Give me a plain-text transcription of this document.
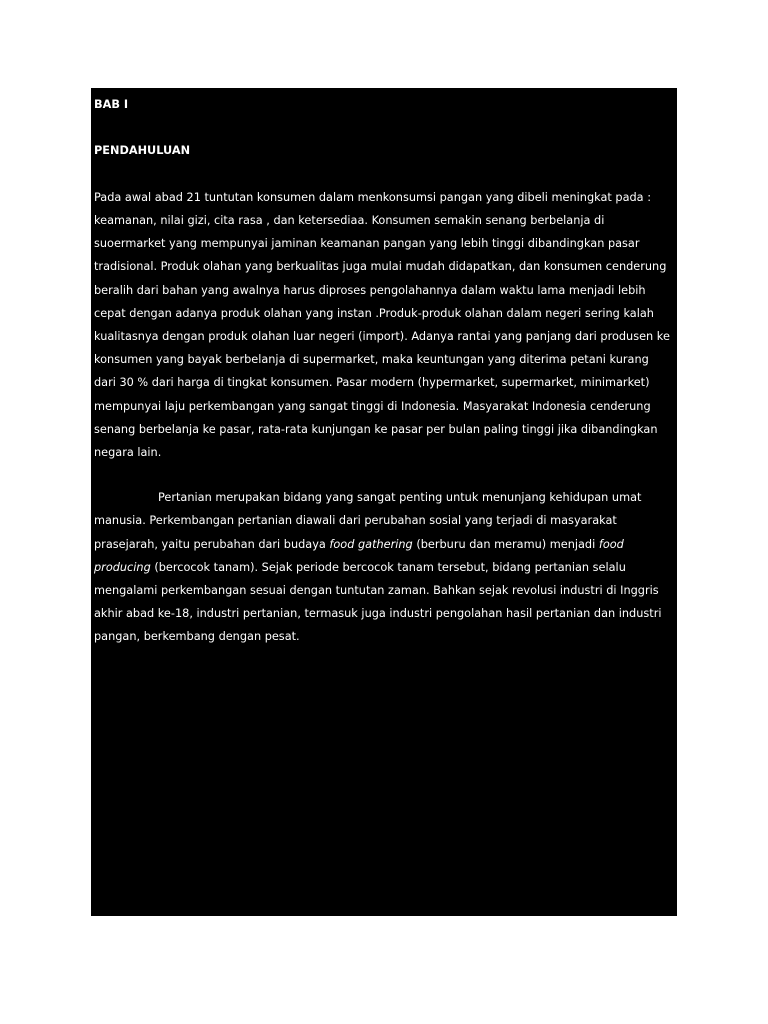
BAB I

PENDAHULUAN

Pada awal abad 21 tuntutan konsumen dalam menkonsumsi pangan yang dibeli meningkat pada : keamanan, nilai gizi, cita rasa , dan ketersediaa. Konsumen semakin senang berbelanja di suoermarket yang mempunyai jaminan keamanan pangan yang lebih tinggi dibandingkan pasar tradisional. Produk olahan yang berkualitas juga mulai mudah didapatkan, dan konsumen cenderung beralih dari bahan yang awalnya harus diproses pengolahannya dalam waktu lama menjadi lebih cepat dengan adanya produk olahan yang instan .Produk-produk olahan dalam negeri sering kalah kualitasnya dengan produk olahan luar negeri (import). Adanya rantai yang panjang dari produsen ke konsumen yang bayak berbelanja di supermarket, maka keuntungan yang diterima petani kurang dari 30 % dari harga di tingkat konsumen. Pasar modern (hypermarket, supermarket, minimarket) mempunyai laju perkembangan yang sangat tinggi di Indonesia. Masyarakat Indonesia cenderung senang berbelanja ke pasar, rata-rata kunjungan ke pasar per bulan paling tinggi jika dibandingkan negara lain.

Pertanian merupakan bidang yang sangat penting untuk menunjang kehidupan umat manusia. Perkembangan pertanian diawali dari perubahan sosial yang terjadi di masyarakat prasejarah, yaitu perubahan dari budaya food gathering (berburu dan meramu) menjadi food producing (bercocok tanam). Sejak periode bercocok tanam tersebut, bidang pertanian selalu mengalami perkembangan sesuai dengan tuntutan zaman. Bahkan sejak revolusi industri di Inggris akhir abad ke-18, industri pertanian, termasuk juga industri pengolahan hasil pertanian dan industri pangan, berkembang dengan pesat.
